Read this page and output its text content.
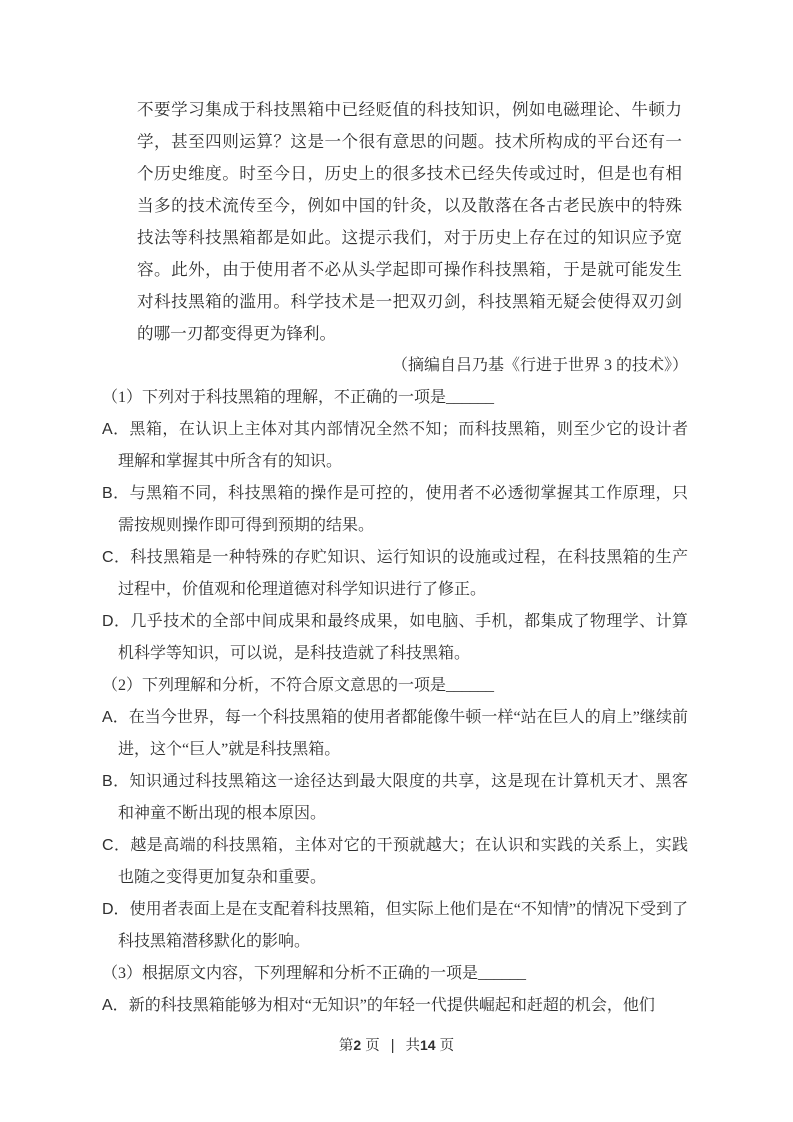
不要学习集成于科技黑箱中已经贬值的科技知识，例如电磁理论、牛顿力学，甚至四则运算？这是一个很有意思的问题。技术所构成的平台还有一个历史维度。时至今日，历史上的很多技术已经失传或过时，但是也有相当多的技术流传至今，例如中国的针灸，以及散落在各古老民族中的特殊技法等科技黑箱都是如此。这提示我们，对于历史上存在过的知识应予宽容。此外，由于使用者不必从头学起即可操作科技黑箱，于是就可能发生对科技黑箱的滥用。科学技术是一把双刃剑，科技黑箱无疑会使得双刃剑的哪一刃都变得更为锋利。

（摘编自吕乃基《行进于世界 3 的技术》）

（1）下列对于科技黑箱的理解，不正确的一项是______

A．黑箱，在认识上主体对其内部情况全然不知；而科技黑箱，则至少它的设计者理解和掌握其中所含有的知识。

B．与黑箱不同，科技黑箱的操作是可控的，使用者不必透彻掌握其工作原理，只需按规则操作即可得到预期的结果。

C．科技黑箱是一种特殊的存贮知识、运行知识的设施或过程，在科技黑箱的生产过程中，价值观和伦理道德对科学知识进行了修正。

D．几乎技术的全部中间成果和最终成果，如电脑、手机，都集成了物理学、计算机科学等知识，可以说，是科技造就了科技黑箱。

（2）下列理解和分析，不符合原文意思的一项是______

A．在当今世界，每一个科技黑箱的使用者都能像牛顿一样“站在巨人的肩上”继续前进，这个“巨人”就是科技黑箱。

B．知识通过科技黑箱这一途径达到最大限度的共享，这是现在计算机天才、黑客和神童不断出现的根本原因。

C．越是高端的科技黑箱，主体对它的干预就越大；在认识和实践的关系上，实践也随之变得更加复杂和重要。

D．使用者表面上是在支配着科技黑箱，但实际上他们是在“不知情”的情况下受到了科技黑箱潜移默化的影响。

（3）根据原文内容，下列理解和分析不正确的一项是______

A．新的科技黑箱能够为相对“无知识”的年轻一代提供崛起和赶超的机会，他们

第2 页 | 共14 页
